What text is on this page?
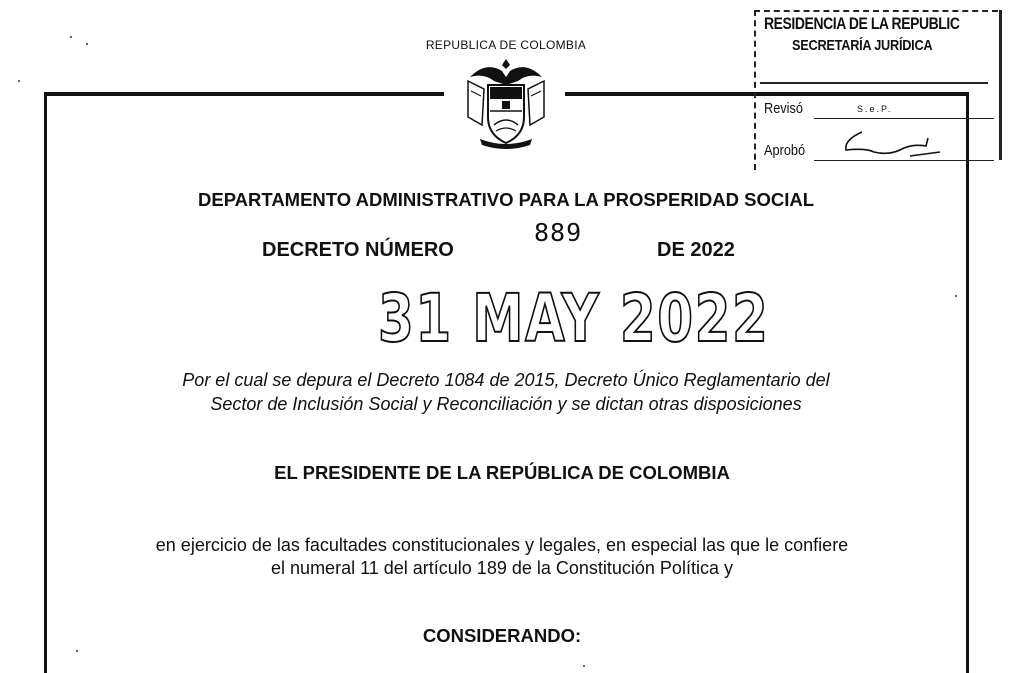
REPUBLICA DE COLOMBIA
RESIDENCIA DE LA REPUBLIC
SECRETARÍA JURÍDICA
Revisó	S.e.P.
Aprobó
DEPARTAMENTO ADMINISTRATIVO PARA LA PROSPERIDAD SOCIAL
DECRETO NÚMERO
889
DE 2022
31 MAY 2022
Por el cual se depura el Decreto 1084 de 2015, Decreto Único Reglamentario del
Sector de Inclusión Social y Reconciliación y se dictan otras disposiciones
EL PRESIDENTE DE LA REPÚBLICA DE COLOMBIA
en ejercicio de las facultades constitucionales y legales, en especial las que le confiere
el numeral 11 del artículo 189 de la Constitución Política y
CONSIDERANDO:
